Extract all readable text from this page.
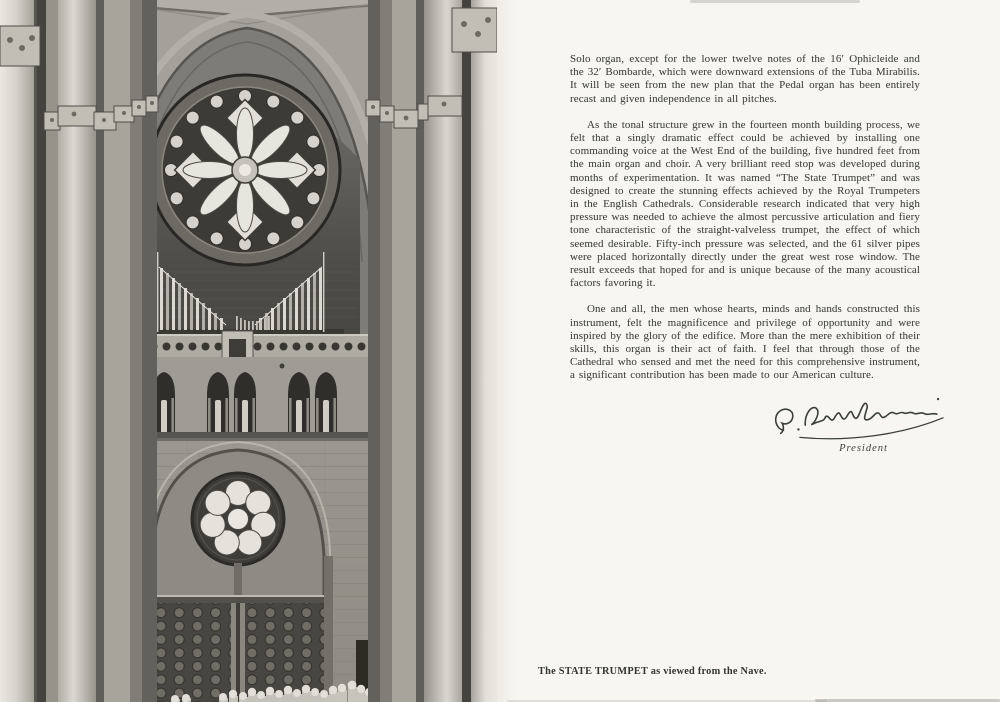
Solo organ, except for the lower twelve notes of the 16′ Ophicleide and the 32′ Bombarde, which were downward extensions of the Tuba Mirabilis. It will be seen from the new plan that the Pedal organ has been entirely recast and given independence in all pitches.

As the tonal structure grew in the fourteen month building process, we felt that a singly dramatic effect could be achieved by installing one commanding voice at the West End of the building, five hundred feet from the main organ and choir. A very brilliant reed stop was developed during months of experimentation. It was named “The State Trumpet” and was designed to create the stunning effects achieved by the Royal Trumpeters in the English Cathedrals. Considerable research indicated that very high pressure was needed to achieve the almost percussive articulation and fiery tone characteristic of the straight-valveless trumpet, the effect of which seemed desirable. Fifty-inch pressure was selected, and the 61 silver pipes were placed horizontally directly under the great west rose window. The result exceeds that hoped for and is unique because of the many acoustical factors favoring it.

One and all, the men whose hearts, minds and hands constructed this instrument, felt the magnificence and privilege of opportunity and were inspired by the glory of the edifice. More than the mere exhibition of their skills, this organ is their act of faith. I feel that through those of the Cathedral who sensed and met the need for this comprehensive instrument, a significant contribution has been made to our American culture.

President
The STATE TRUMPET as viewed from the Nave.
